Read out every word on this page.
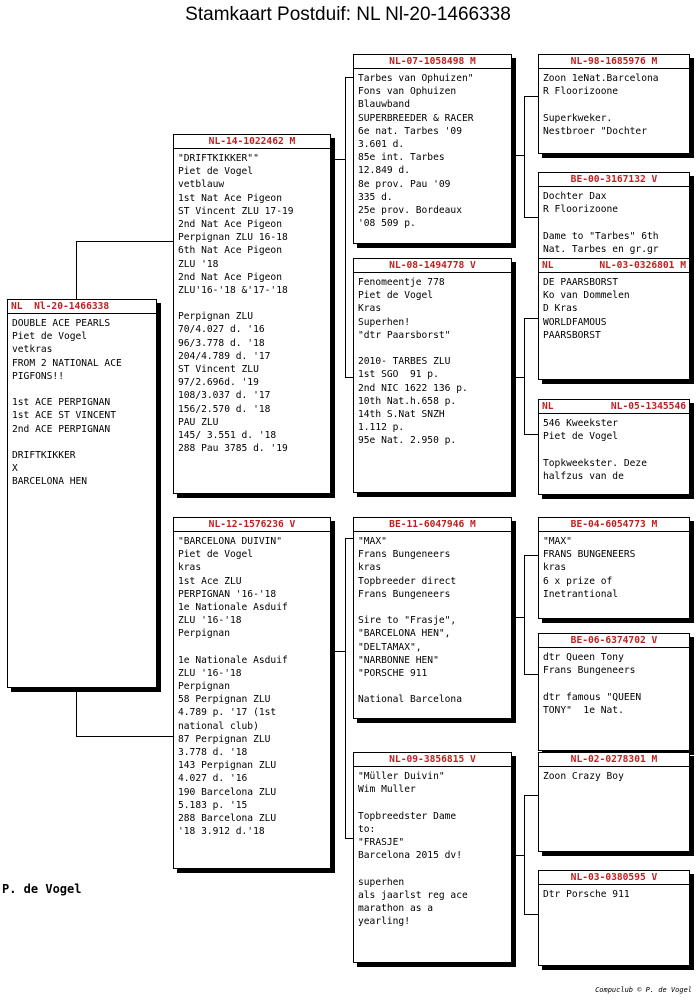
Stamkaart Postduif: NL Nl-20-1466338
NL  Nl-20-1466338
DOUBLE ACE PEARLS
Piet de Vogel
vetkras
FROM 2 NATIONAL ACE
PIGFONS!!
1st ACE PERPIGNAN
1st ACE ST VINCENT
2nd ACE PERPIGNAN
DRIFTKIKKER
X
BARCELONA HEN
NL-14-1022462 M
"DRIFTKIKKER""
Piet de Vogel
vetblauw
1st Nat Ace Pigeon
ST Vincent ZLU 17-19
2nd Nat Ace Pigeon
Perpignan ZLU 16-18
6th Nat Ace Pigeon
ZLU '18
2nd Nat Ace Pigeon
ZLU'16-'18 &'17-'18
Perpignan ZLU
70/4.027 d. '16
96/3.778 d. '18
204/4.789 d. '17
ST Vincent ZLU
97/2.696d. '19
108/3.037 d. '17
156/2.570 d. '18
PAU ZLU
145/ 3.551 d. '18
288 Pau 3785 d. '19
NL-12-1576236 V
"BARCELONA DUIVIN"
Piet de Vogel
kras
1st Ace ZLU
PERPIGNAN '16-'18
1e Nationale Asduif
ZLU '16-'18
Perpignan
1e Nationale Asduif
ZLU '16-'18
Perpignan
58 Perpignan ZLU
4.789 p. '17 (1st
national club)
87 Perpignan ZLU
3.778 d. '18
143 Perpignan ZLU
4.027 d. '16
190 Barcelona ZLU
5.183 p. '15
288 Barcelona ZLU
'18 3.912 d.'18
NL-07-1058498 M
Tarbes van Ophuizen"
Fons van Ophuizen
Blauwband
SUPERBREEDER & RACER
6e nat. Tarbes '09
3.601 d.
85e int. Tarbes
12.849 d.
8e prov. Pau '09
335 d.
25e prov. Bordeaux
'08 509 p.
NL-08-1494778 V
Fenomeentje 778
Piet de Vogel
Kras
Superhen!
"dtr Paarsborst"
2010- TARBES ZLU
1st SGO  91 p.
2nd NIC 1622 136 p.
10th Nat.h.658 p.
14th S.Nat SNZH
1.112 p.
95e Nat. 2.950 p.
BE-11-6047946 M
"MAX"
Frans Bungeneers
kras
Topbreeder direct
Frans Bungeneers
Sire to "Frasje",
"BARCELONA HEN",
"DELTAMAX",
"NARBONNE HEN"
"PORSCHE 911
National Barcelona
NL-09-3856815 V
"Müller Duivin"
Wim Muller
Topbreedster Dame
to:
"FRASJE"
Barcelona 2015 dv!
superhen
als jaarlst reg ace
marathon as a
yearling!
NL-98-1685976 M
Zoon 1eNat.Barcelona
R Floorizoone
Superkweker.
Nestbroer "Dochter
BE-00-3167132 V
Dochter Dax
R Floorizoone
Dame to "Tarbes" 6th
Nat. Tarbes en gr.gr
NL	NL-03-0326801 M
DE PAARSBORST
Ko van Dommelen
D Kras
WORLDFAMOUS
PAARSBORST
NL	NL-05-1345546
546 Kweekster
Piet de Vogel
Topkweekster. Deze
halfzus van de
BE-04-6054773 M
"MAX"
FRANS BUNGENEERS
kras
6 x prize of
Inetrantional
BE-06-6374702 V
dtr Queen Tony
Frans Bungeneers
dtr famous "QUEEN
TONY"  1e Nat.
NL-02-0278301 M
Zoon Crazy Boy
NL-03-0380595 V
Dtr Porsche 911
P. de Vogel
Compuclub © P. de Vogel
